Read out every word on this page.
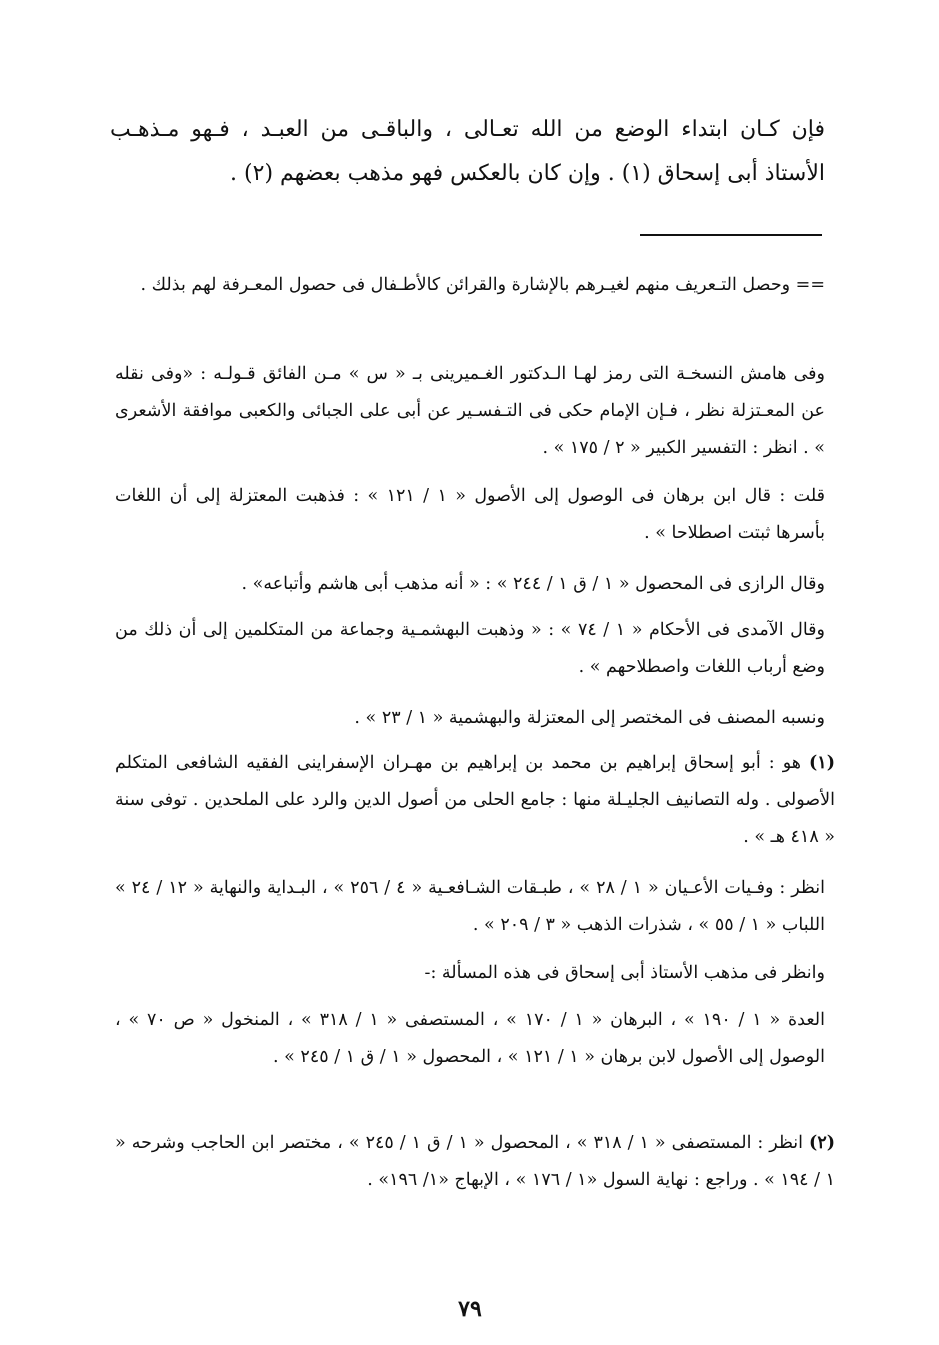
فإن كـان ابتداء الوضع من الله تعـالى ، والباقـى من العبـد ، فـهو مـذهـب الأستاذ أبى إسحاق (١) . وإن كان بالعكس فهو مذهب بعضهم (٢) .

== وحصل التـعريف منهم لغيـرهم بالإشارة والقرائن كالأطـفال فى حصول المعـرفة لهم بذلك .

وفى هامش النسخـة التى رمز لهـا الـدكتور الغـميرينى بـ « س » مـن الفائق قـولـه : «وفى نقله عن المعـتزلة نظر ، فـإن الإمام حكى فى التـفسـير عن أبى على الجبائى والكعبى موافقة الأشعرى » . انظر : التفسير الكبير « ٢ / ١٧٥ » .

قلت : قال ابن برهان فى الوصول إلى الأصول « ١ / ١٢١ » : فذهبت المعتزلة إلى أن اللغات بأسرها ثبتت اصطلاحا » .

وقال الرازى فى المحصول « ١ / ق ١ / ٢٤٤ » : « أنه مذهب أبى هاشم وأتباعه» .

وقال الآمدى فى الأحكام « ١ / ٧٤ » : « وذهبت البهشمـية وجماعة من المتكلمين إلى أن ذلك من وضع أرباب اللغات واصطلاحهم » .

ونسبه المصنف فى المختصر إلى المعتزلة والبهشمية « ١ / ٢٣ » .

(١) هو : أبو إسحاق إبراهيم بن محمد بن إبراهيم بن مهـران الإسفراينى الفقيه الشافعى المتكلم الأصولى . وله التصانيف الجليـلة منها : جامع الحلى من أصول الدين والرد على الملحدين . توفى سنة « ٤١٨ هـ » .

انظر : وفـيات الأعـيان « ١ / ٢٨ » ، طبـقات الشـافعـية « ٤ / ٢٥٦ » ، البـداية والنهاية « ١٢ / ٢٤ » اللباب « ١ / ٥٥ » ، شذرات الذهب « ٣ / ٢٠٩ » .

وانظر فى مذهب الأستاذ أبى إسحاق فى هذه المسألة :-

العدة « ١ / ١٩٠ » ، البرهان « ١ / ١٧٠ » ، المستصفى « ١ / ٣١٨ » ، المنخول « ص ٧٠ » ، الوصول إلى الأصول لابن برهان « ١ / ١٢١ » ، المحصول « ١ / ق ١ / ٢٤٥ » .

(٢) انظر : المستصفى « ١ / ٣١٨ » ، المحصول « ١ / ق ١ / ٢٤٥ » ، مختصر ابن الحاجب وشرحه « ١ / ١٩٤ » . وراجع : نهاية السول «١ / ١٧٦ » ، الإبهاج «١/ ١٩٦» .

٧٩
